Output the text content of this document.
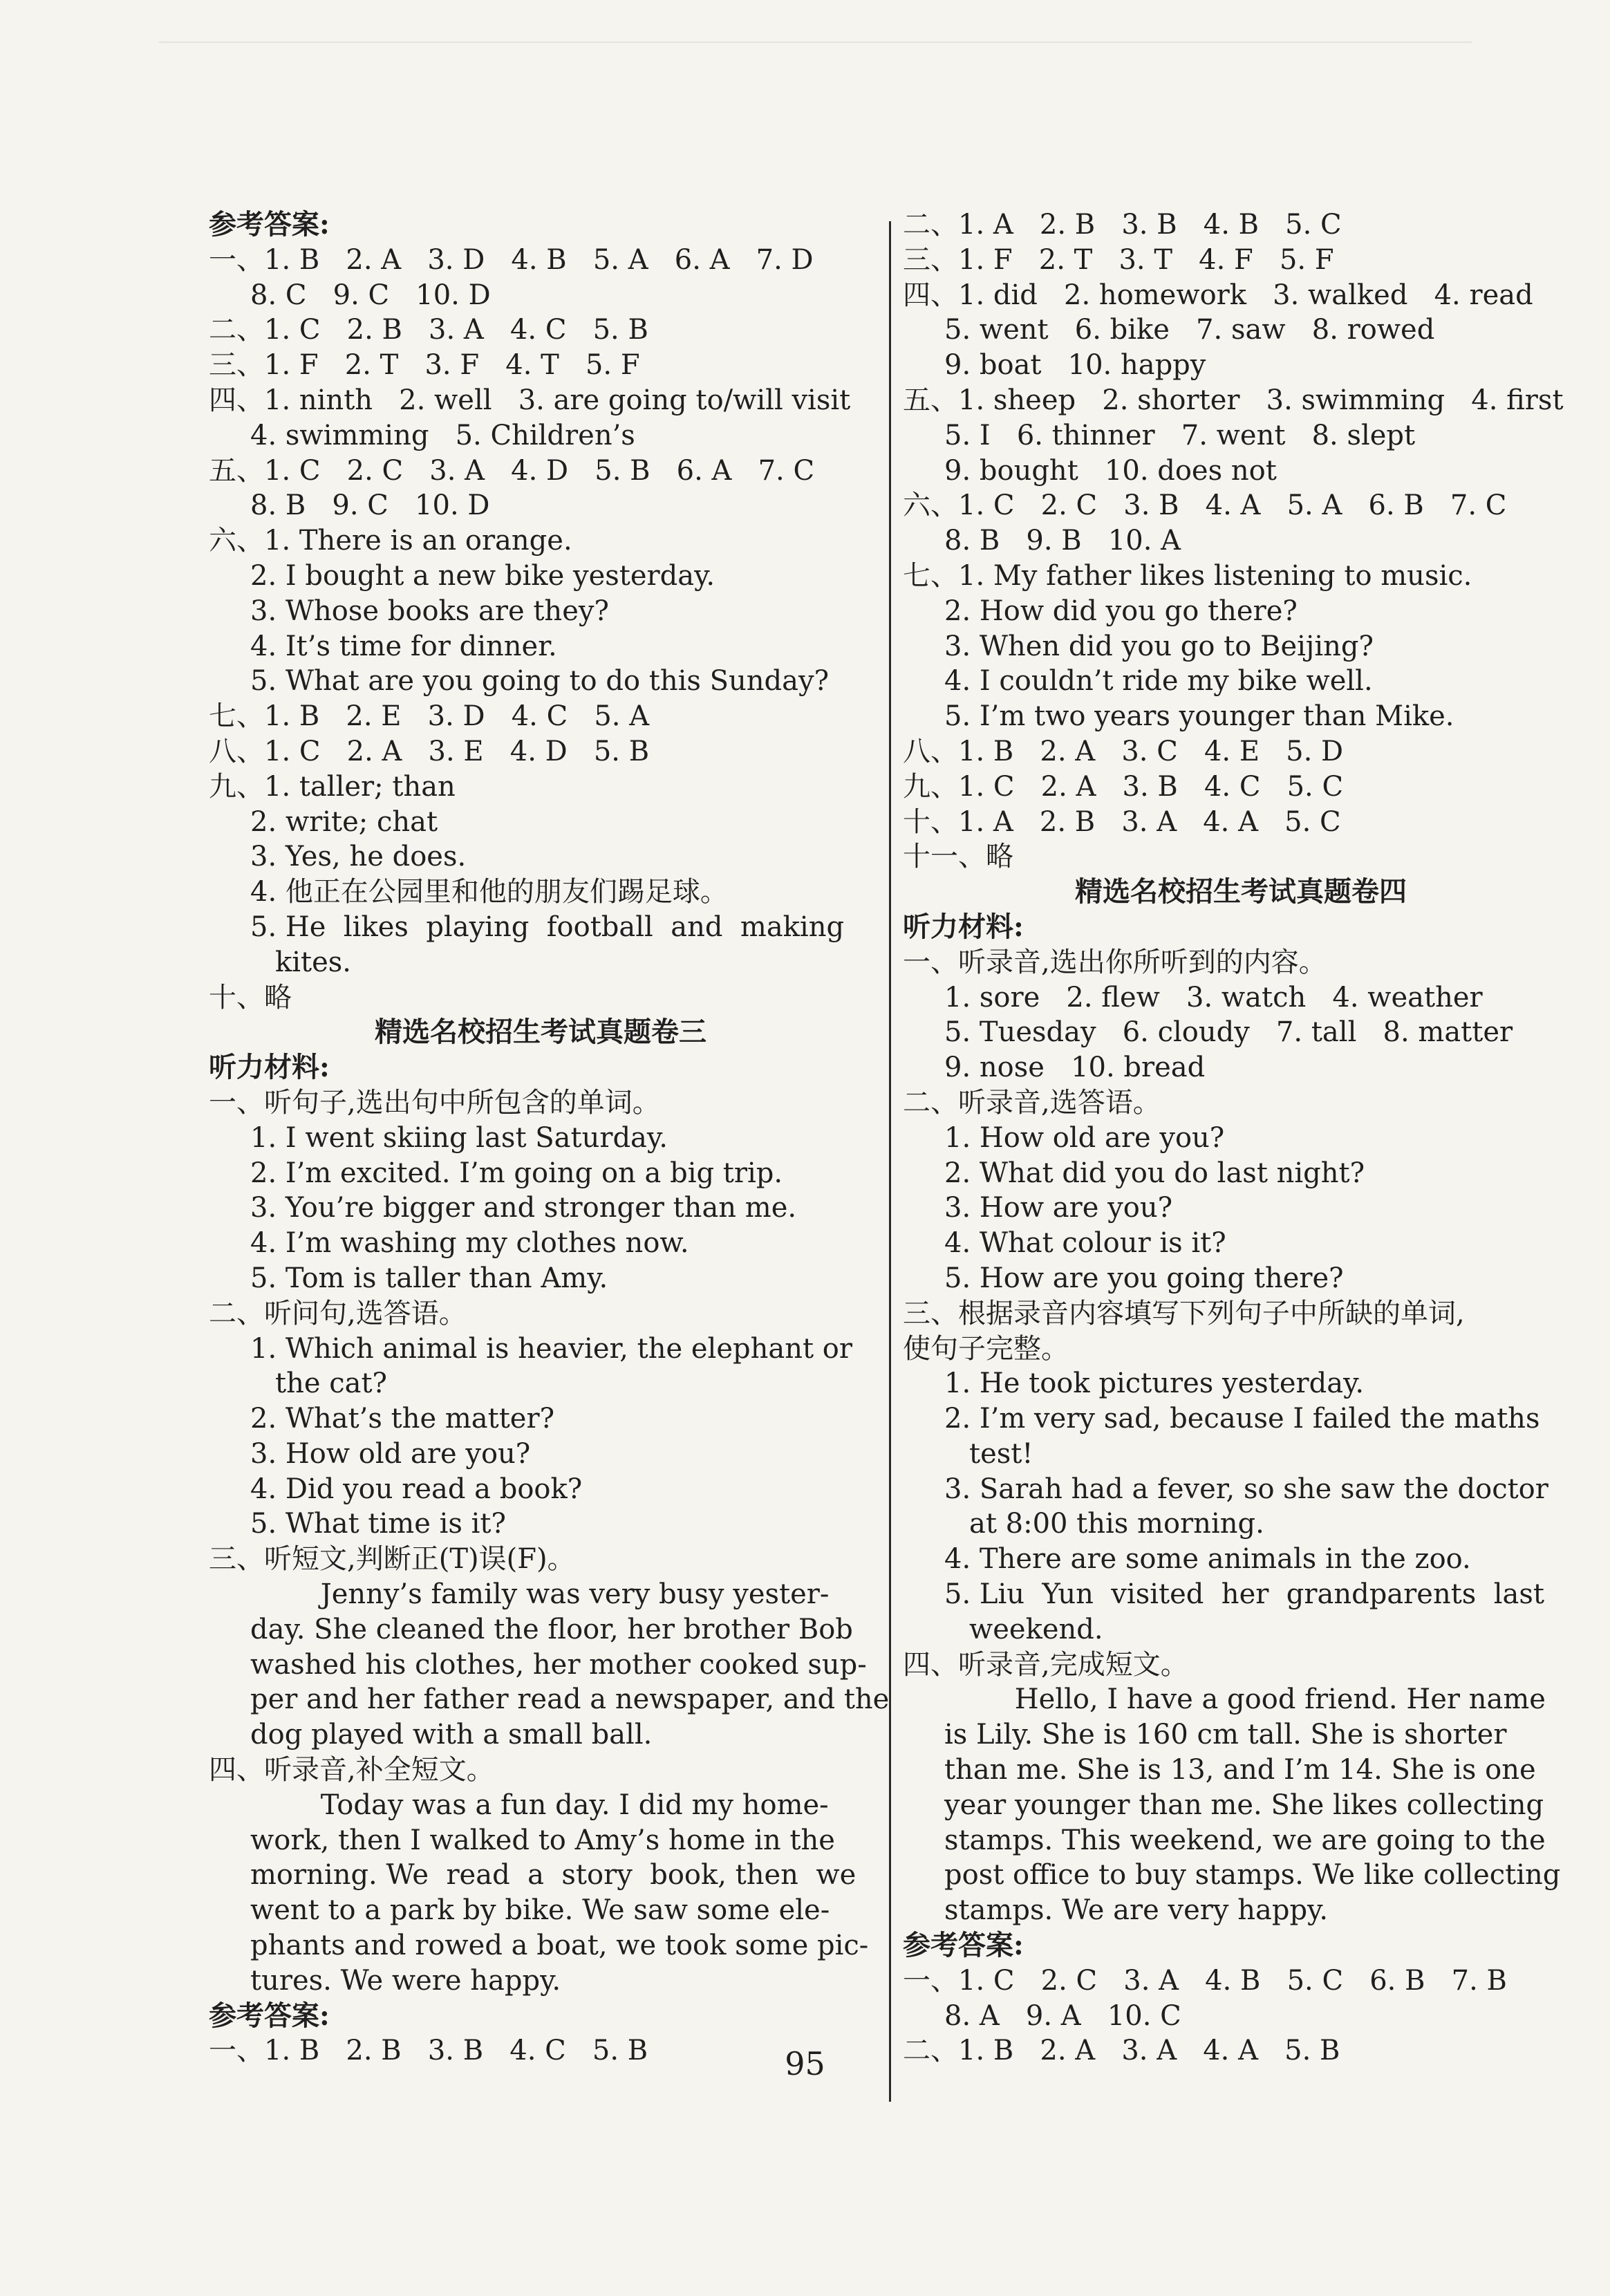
参考答案:
一、1. B   2. A   3. D   4. B   5. A   6. A   7. D
8. C   9. C   10. D
二、1. C   2. B   3. A   4. C   5. B
三、1. F   2. T   3. F   4. T   5. F
四、1. ninth   2. well   3. are going to/will visit
4. swimming   5. Children’s
五、1. C   2. C   3. A   4. D   5. B   6. A   7. C
8. B   9. C   10. D
六、1. There is an orange.
2. I bought a new bike yesterday.
3. Whose books are they?
4. It’s time for dinner.
5. What are you going to do this Sunday?
七、1. B   2. E   3. D   4. C   5. A
八、1. C   2. A   3. E   4. D   5. B
九、1. taller; than
2. write; chat
3. Yes, he does.
4. 他正在公园里和他的朋友们踢足球。
5. He  likes  playing  football  and  making
kites.
十、略
精选名校招生考试真题卷三
听力材料:
一、听句子,选出句中所包含的单词。
1. I went skiing last Saturday.
2. I’m excited. I’m going on a big trip.
3. You’re bigger and stronger than me.
4. I’m washing my clothes now.
5. Tom is taller than Amy.
二、听问句,选答语。
1. Which animal is heavier, the elephant or
the cat?
2. What’s the matter?
3. How old are you?
4. Did you read a book?
5. What time is it?
三、听短文,判断正(T)误(F)。
Jenny’s family was very busy yester-
day. She cleaned the floor, her brother Bob
washed his clothes, her mother cooked sup-
per and her father read a newspaper, and the
dog played with a small ball.
四、听录音,补全短文。
Today was a fun day. I did my home-
work, then I walked to Amy’s home in the
morning. We  read  a  story  book, then  we
went to a park by bike. We saw some ele-
phants and rowed a boat, we took some pic-
tures. We were happy.
参考答案:
一、1. B   2. B   3. B   4. C   5. B
二、1. A   2. B   3. B   4. B   5. C
三、1. F   2. T   3. T   4. F   5. F
四、1. did   2. homework   3. walked   4. read
5. went   6. bike   7. saw   8. rowed
9. boat   10. happy
五、1. sheep   2. shorter   3. swimming   4. first
5. I   6. thinner   7. went   8. slept
9. bought   10. does not
六、1. C   2. C   3. B   4. A   5. A   6. B   7. C
8. B   9. B   10. A
七、1. My father likes listening to music.
2. How did you go there?
3. When did you go to Beijing?
4. I couldn’t ride my bike well.
5. I’m two years younger than Mike.
八、1. B   2. A   3. C   4. E   5. D
九、1. C   2. A   3. B   4. C   5. C
十、1. A   2. B   3. A   4. A   5. C
十一、略
精选名校招生考试真题卷四
听力材料:
一、听录音,选出你所听到的内容。
1. sore   2. flew   3. watch   4. weather
5. Tuesday   6. cloudy   7. tall   8. matter
9. nose   10. bread
二、听录音,选答语。
1. How old are you?
2. What did you do last night?
3. How are you?
4. What colour is it?
5. How are you going there?
三、根据录音内容填写下列句子中所缺的单词,
使句子完整。
1. He took pictures yesterday.
2. I’m very sad, because I failed the maths
test!
3. Sarah had a fever, so she saw the doctor
at 8:00 this morning.
4. There are some animals in the zoo.
5. Liu  Yun  visited  her  grandparents  last
weekend.
四、听录音,完成短文。
Hello, I have a good friend. Her name
is Lily. She is 160 cm tall. She is shorter
than me. She is 13, and I’m 14. She is one
year younger than me. She likes collecting
stamps. This weekend, we are going to the
post office to buy stamps. We like collecting
stamps. We are very happy.
参考答案:
一、1. C   2. C   3. A   4. B   5. C   6. B   7. B
8. A   9. A   10. C
二、1. B   2. A   3. A   4. A   5. B
95
